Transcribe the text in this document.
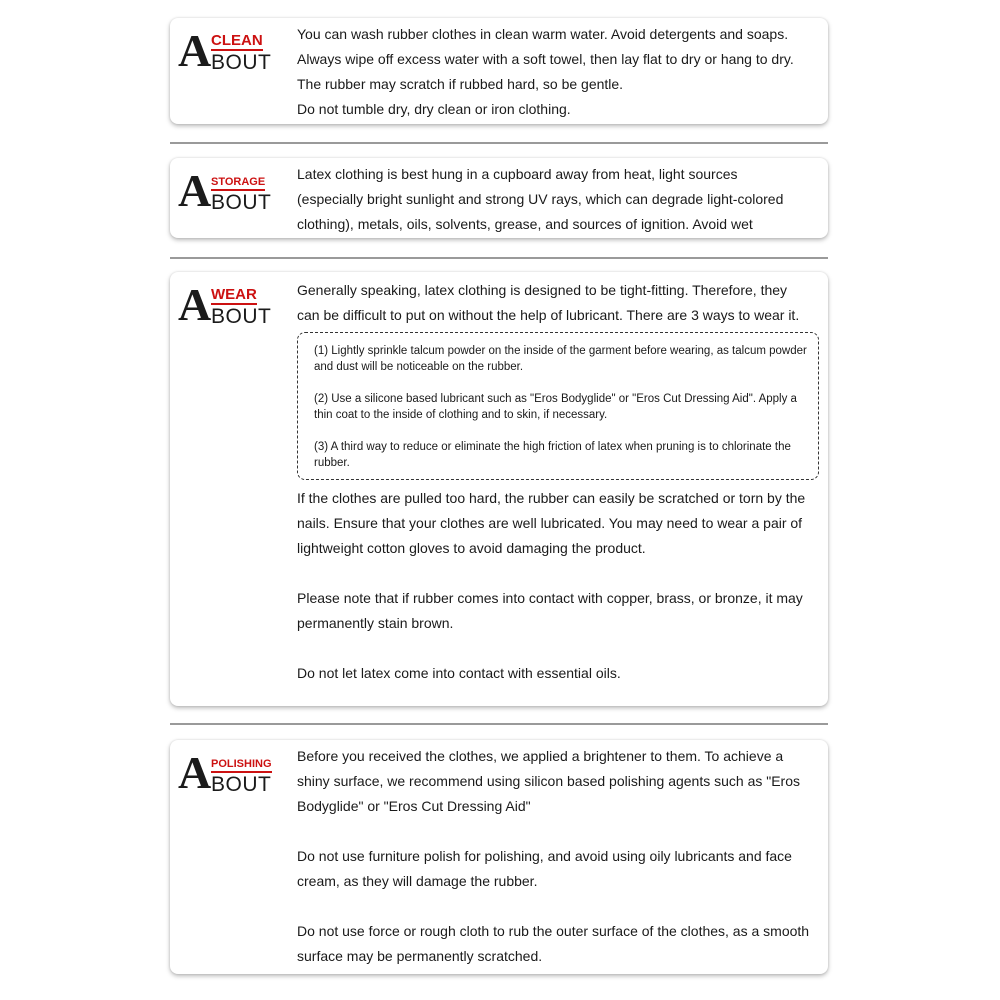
A CLEAN
BOUT

You can wash rubber clothes in clean warm water. Avoid detergents and soaps.

Always wipe off excess water with a soft towel, then lay flat to dry or hang to dry.

The rubber may scratch if rubbed hard, so be gentle.

Do not tumble dry, dry clean or iron clothing.

A STORAGE
BOUT

Latex clothing is best hung in a cupboard away from heat, light sources

(especially bright sunlight and strong UV rays, which can degrade light-colored

clothing), metals, oils, solvents, grease, and sources of ignition. Avoid wet

A WEAR
BOUT

Generally speaking, latex clothing is designed to be tight-fitting. Therefore, they

can be difficult to put on without the help of lubricant. There are 3 ways to wear it.

(1) Lightly sprinkle talcum powder on the inside of the garment before wearing, as talcum powder and dust will be noticeable on the rubber.

(2) Use a silicone based lubricant such as "Eros Bodyglide" or "Eros Cut Dressing Aid". Apply a thin coat to the inside of clothing and to skin, if necessary.

(3) A third way to reduce or eliminate the high friction of latex when pruning is to chlorinate the rubber.

If the clothes are pulled too hard, the rubber can easily be scratched or torn by the

nails. Ensure that your clothes are well lubricated. You may need to wear a pair of

lightweight cotton gloves to avoid damaging the product.

Please note that if rubber comes into contact with copper, brass, or bronze, it may

permanently stain brown.

Do not let latex come into contact with essential oils.

A POLISHING
BOUT

Before you received the clothes, we applied a brightener to them. To achieve a

shiny surface, we recommend using silicon based polishing agents such as "Eros

Bodyglide" or "Eros Cut Dressing Aid"

Do not use furniture polish for polishing, and avoid using oily lubricants and face

cream, as they will damage the rubber.

Do not use force or rough cloth to rub the outer surface of the clothes, as a smooth

surface may be permanently scratched.
